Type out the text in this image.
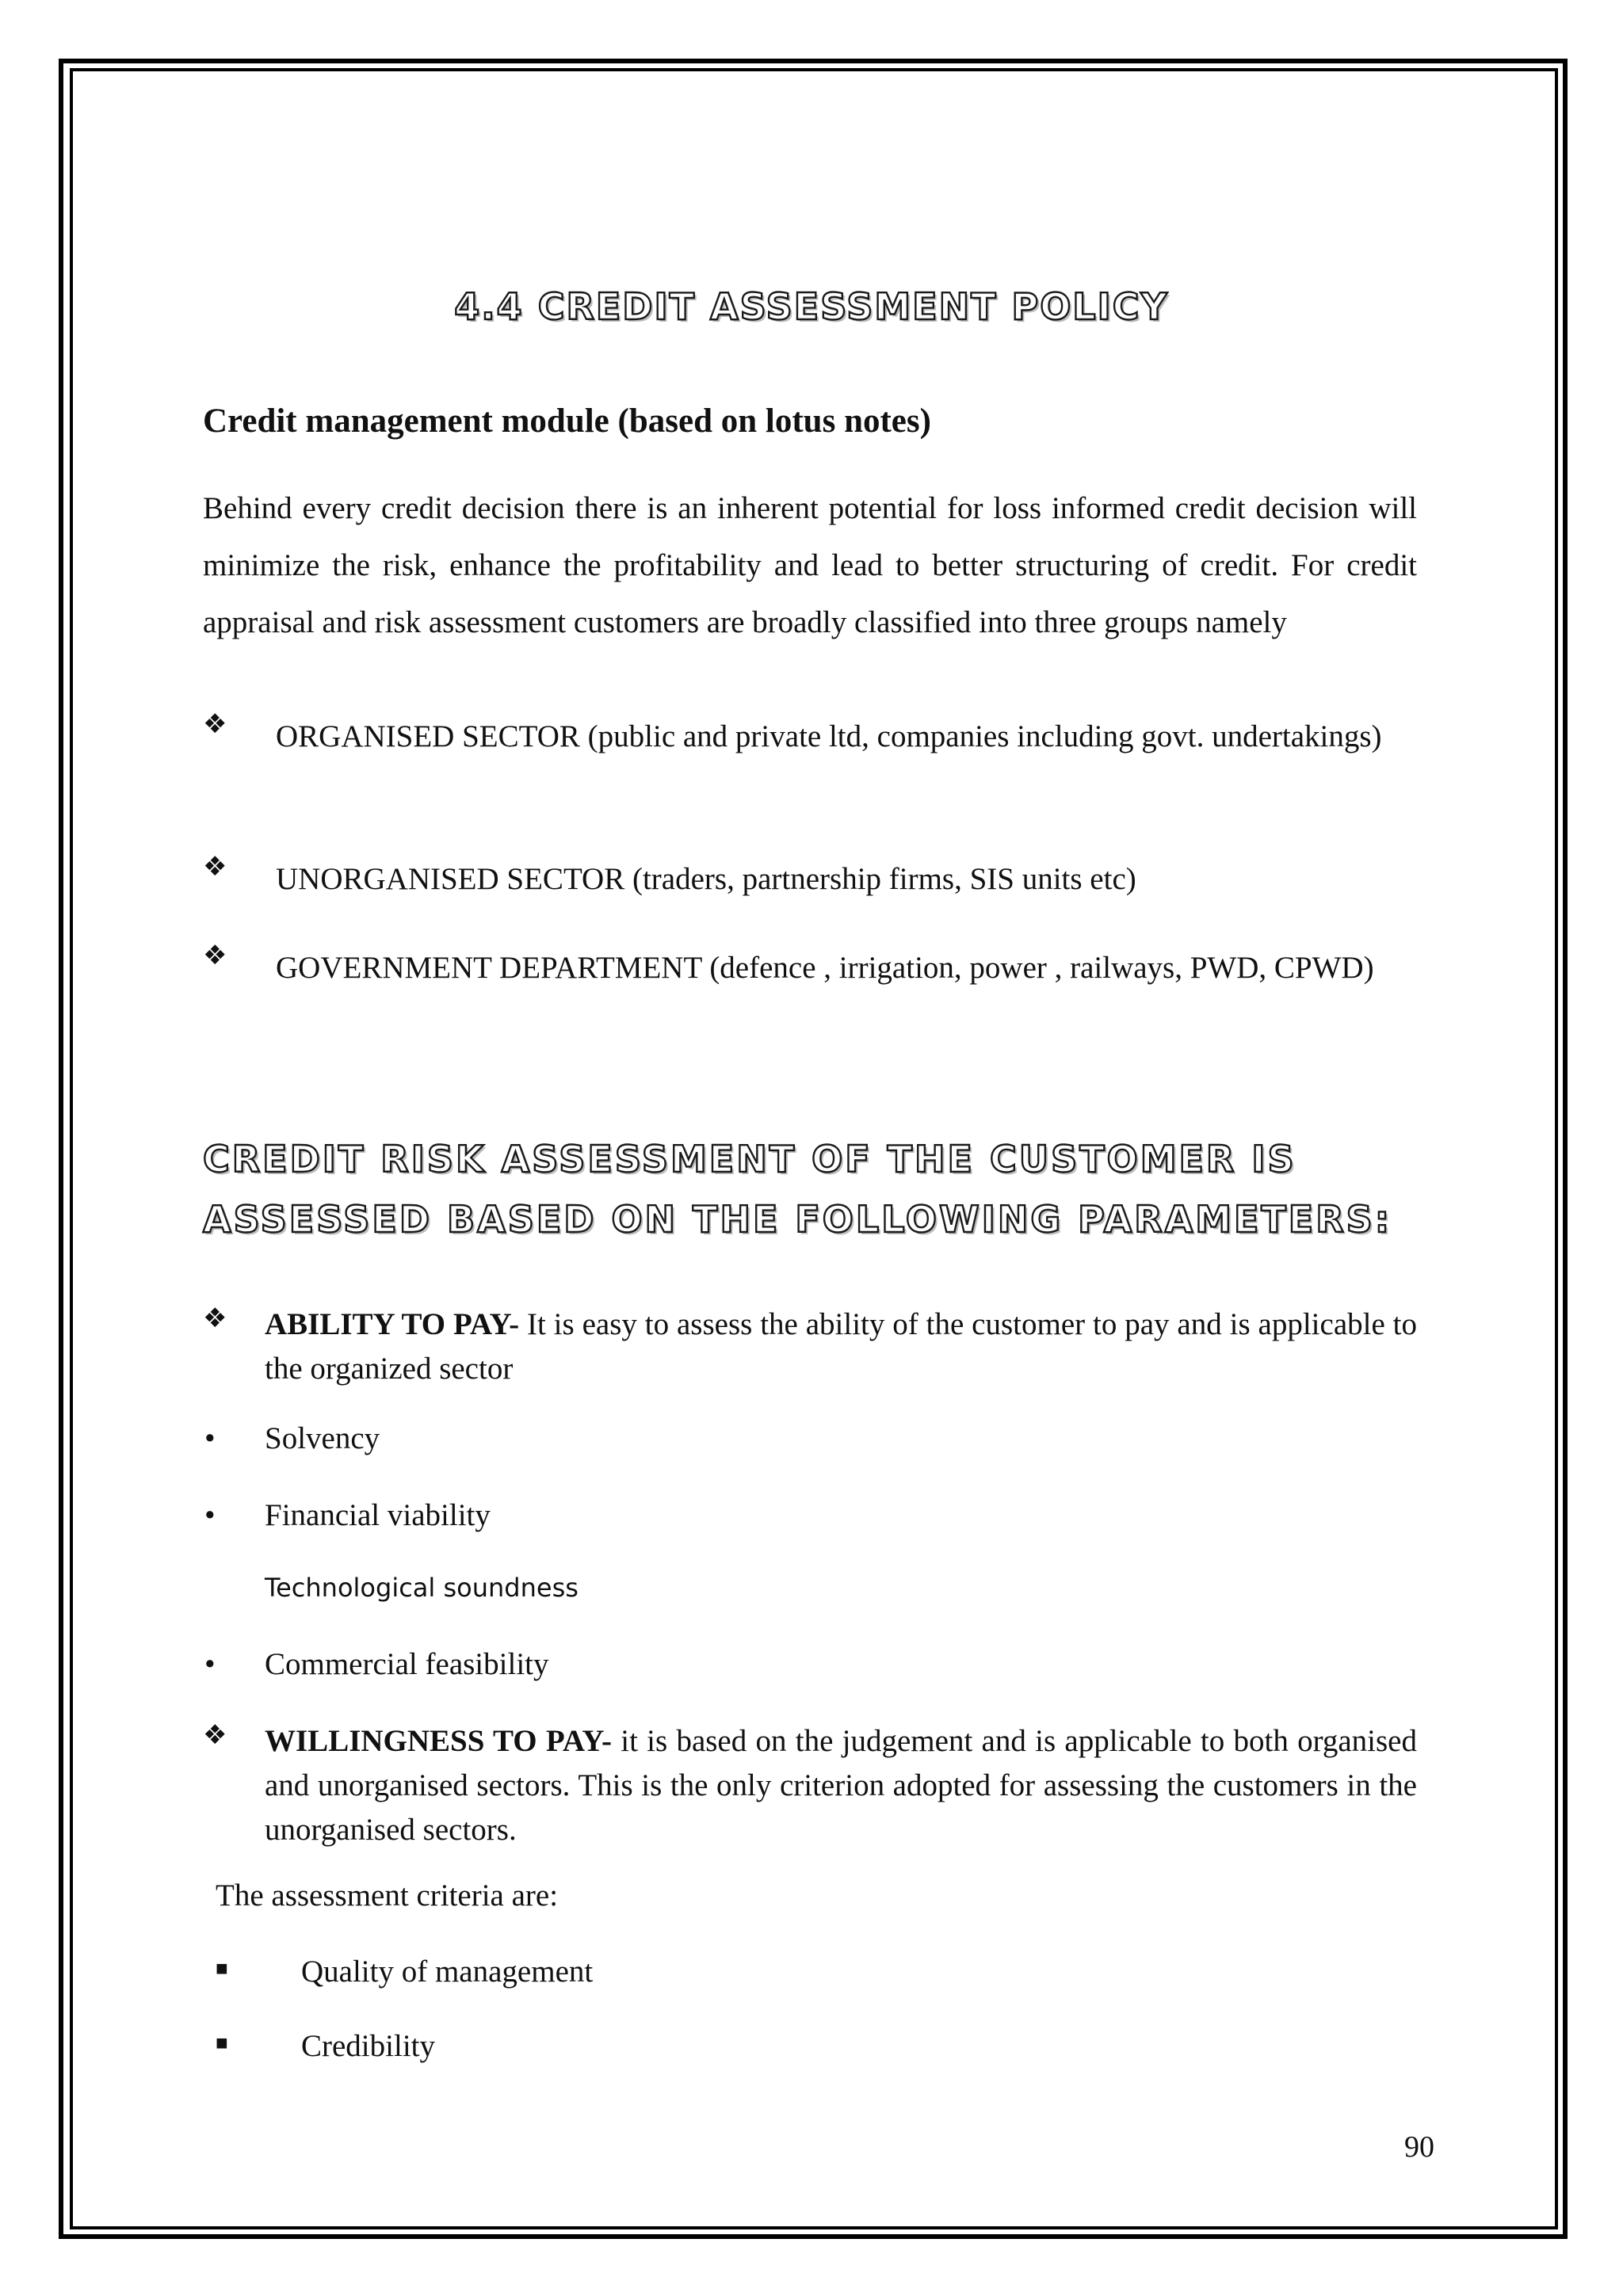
4.4 CREDIT ASSESSMENT POLICY
Credit management module (based on lotus notes)
Behind every credit decision there is an inherent potential for loss informed credit decision will minimize the risk, enhance the profitability and lead to better structuring of credit. For credit appraisal and risk assessment customers are broadly classified into three groups namely
❖	ORGANISED SECTOR (public and private ltd, companies including govt. undertakings)
❖	UNORGANISED SECTOR (traders, partnership firms, SIS units etc)
❖	GOVERNMENT DEPARTMENT (defence , irrigation, power , railways, PWD, CPWD)
CREDIT RISK ASSESSMENT OF THE CUSTOMER IS ASSESSED BASED ON THE FOLLOWING PARAMETERS:
❖ ABILITY TO PAY- It is easy to assess the ability of the customer to pay and is applicable to the organized sector
• Solvency
• Financial viability
Technological soundness
• Commercial feasibility
❖ WILLINGNESS TO PAY- it is based on the judgement and is applicable to both organised and unorganised sectors. This is the only criterion adopted for assessing the customers in the unorganised sectors.
The assessment criteria are:
■ Quality of management
■ Credibility
90
